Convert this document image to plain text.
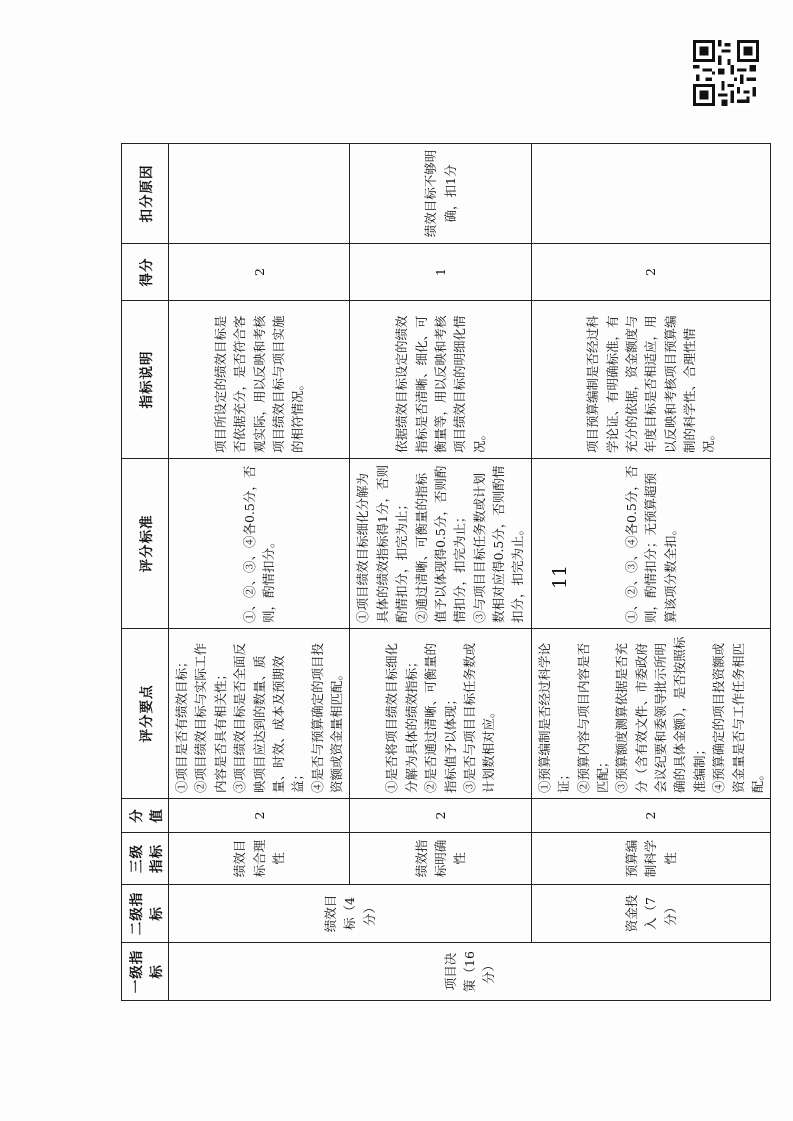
一级指标	二级指标	三级指标	分值	评分要点	评分标准	指标说明	得分	扣分原因
项目决策（16分）	绩效目标（4分）	绩效目标合理性	2	①项目是否有绩效目标；
②项目绩效目标与实际工作内容是否具有相关性；
③项目绩效目标是否全面反映项目应达到的数量、质量、时效、成本及预期效益；
④是否与预算确定的项目投资额或资金量相匹配。	①、②、③、④各0.5分，否则，酌情扣分。	项目所设定的绩效目标是否依据充分，是否符合客观实际，用以反映和考核项目绩效目标与项目实施的相符情况。	2	
		绩效指标明确性	2	①是否将项目绩效目标细化分解为具体的绩效指标；
②是否通过清晰、可衡量的指标值予以体现；
③是否与项目目标任务数或计划数相对应。	①项目绩效目标细化分解为具体的绩效指标得1分，否则酌情扣分，扣完为止；
②通过清晰、可衡量的指标值予以体现得0.5分，否则酌情扣分，扣完为止；
③与项目目标任务数或计划数相对应得0.5分，否则酌情扣分，扣完为止。	依据绩效目标设定的绩效指标是否清晰、细化、可衡量等，用以反映和考核项目绩效目标的明细化情况。	1	绩效目标不够明确，扣1分
	资金投入（7分）	预算编制科学性	2	①预算编制是否经过科学论证；
②预算内容与项目内容是否匹配；
③预算额度测算依据是否充分（含有效文件、市委政府会议纪要和委领导批示所明确的具体金额），是否按照标准编制；
④预算确定的项目投资额或资金量是否与工作任务相匹配。	①、②、③、④各0.5分，否则，酌情扣分；无预算超预算该项分数全扣。	项目预算编制是否经过科学论证、有明确标准，有充分的依据，资金额度与年度目标是否相适应，用以反映和考核项目预算编制的科学性、合理性情况。	2	
11
